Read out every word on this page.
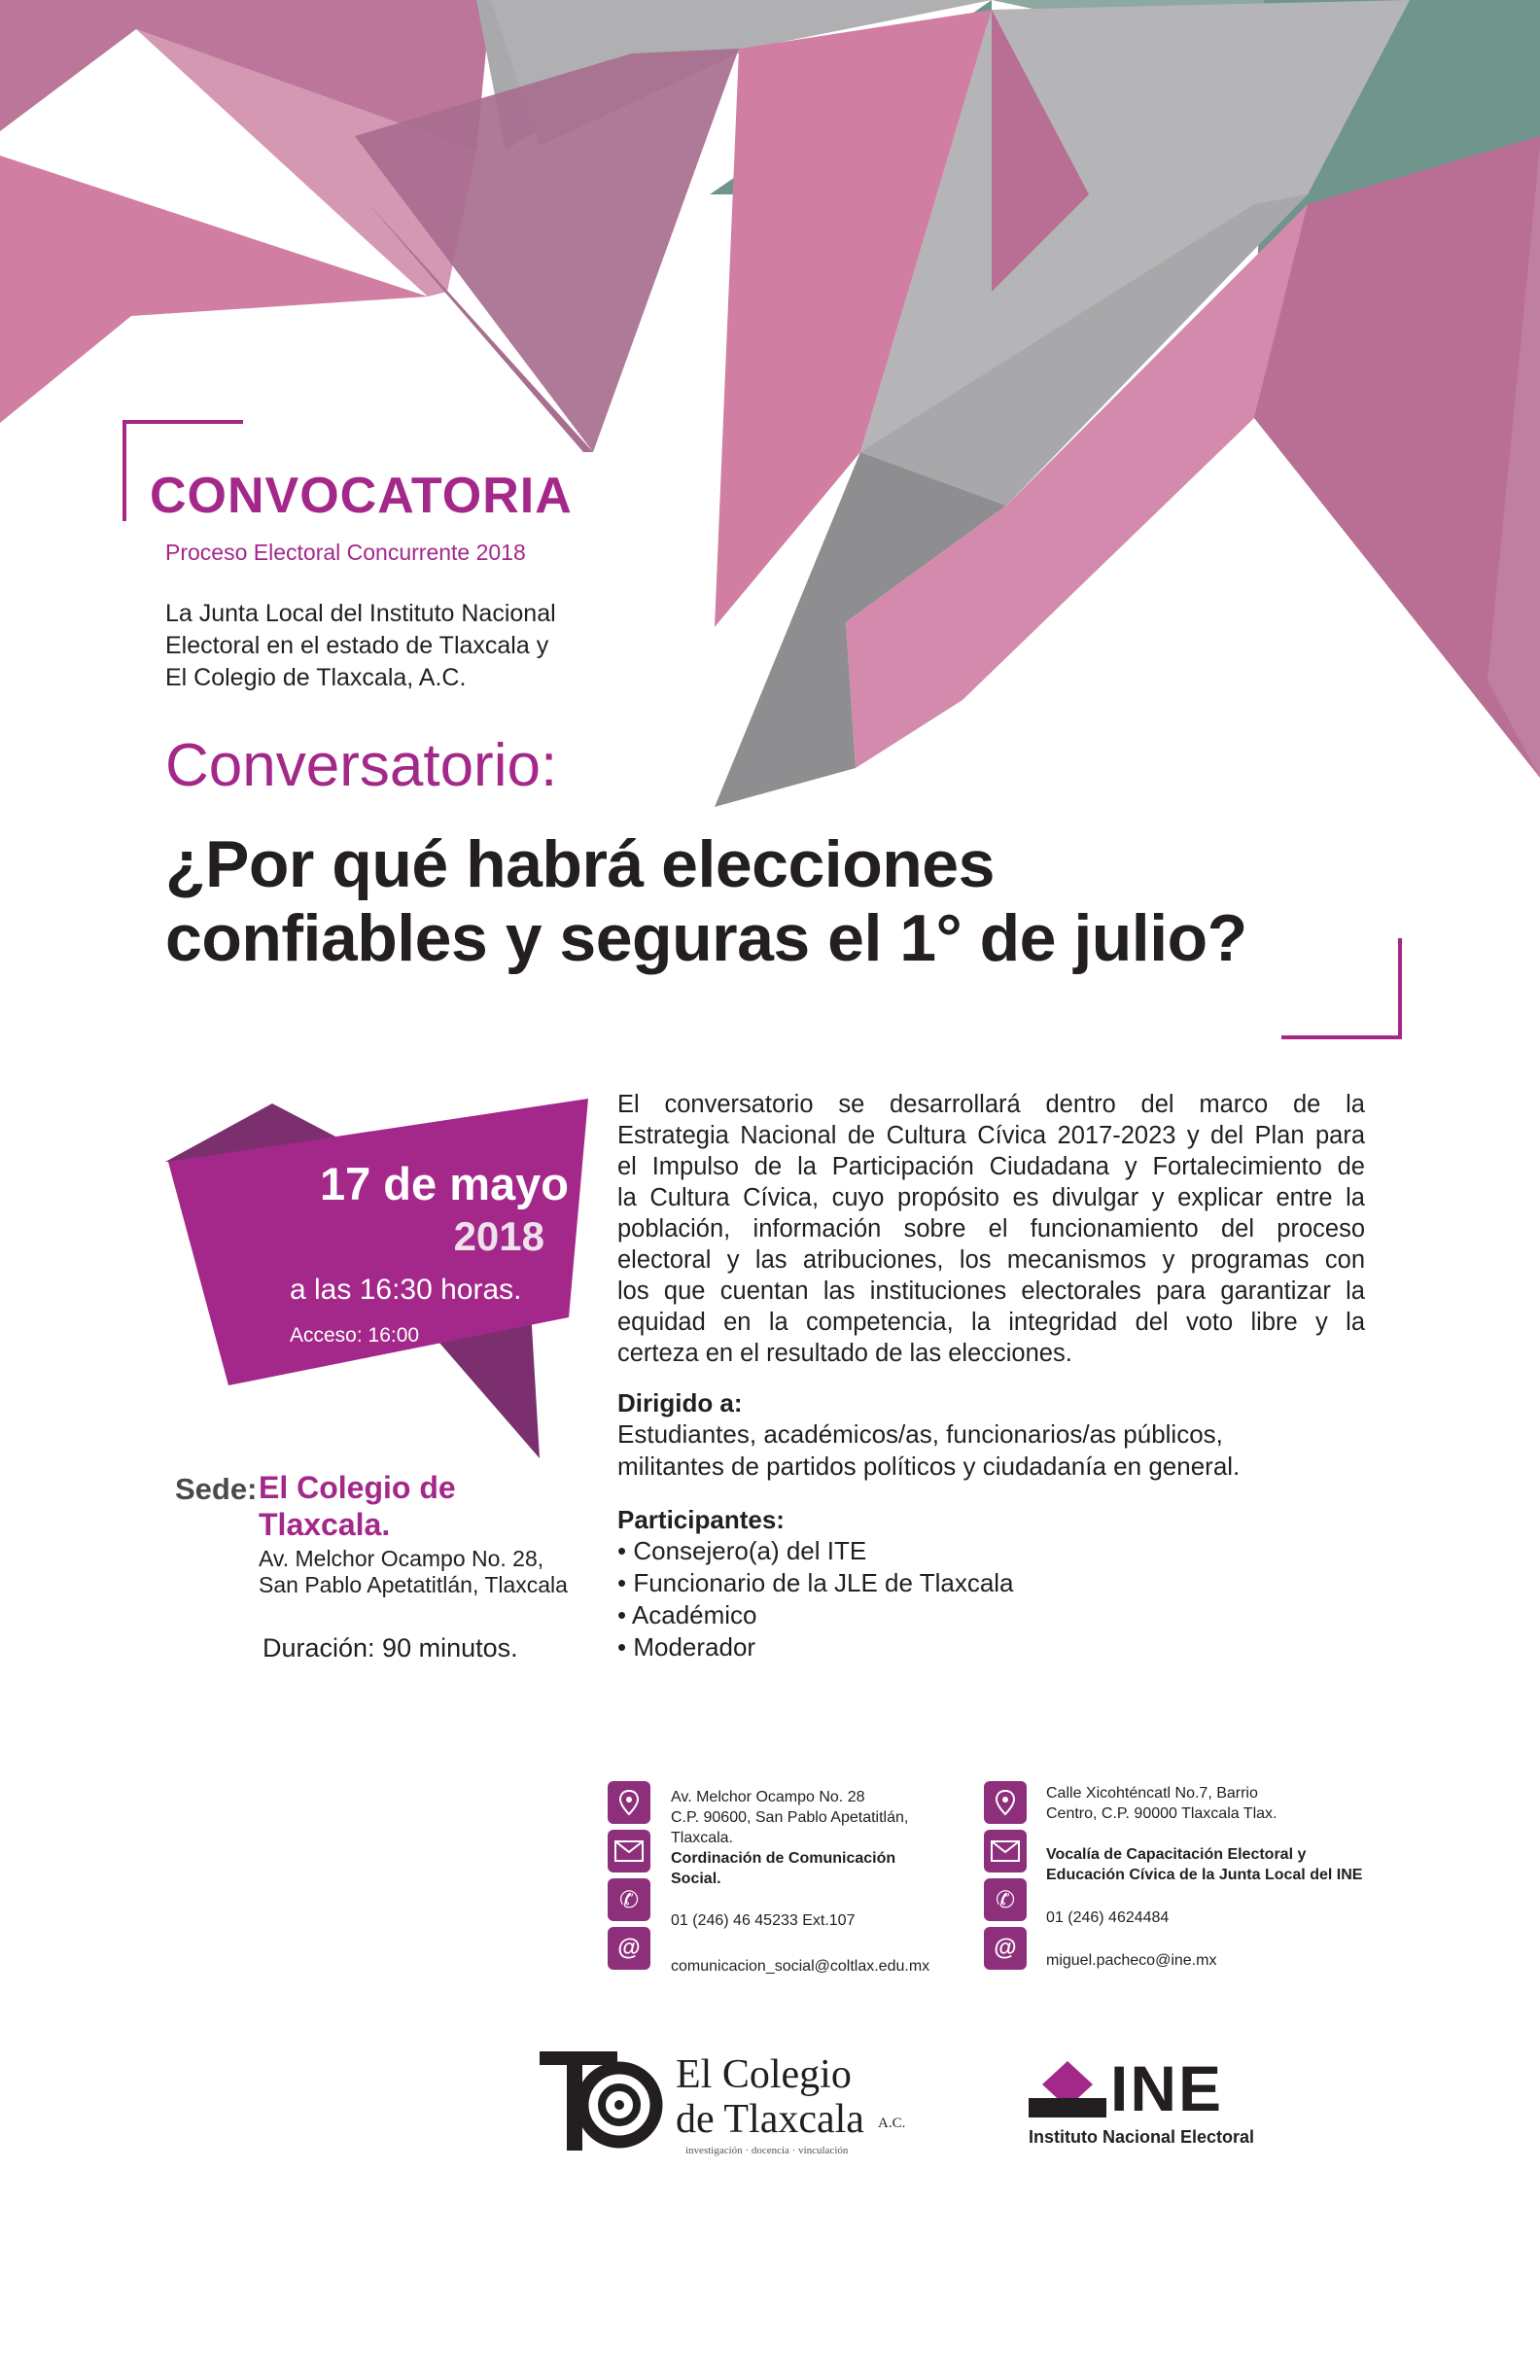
CONVOCATORIA
Proceso Electoral Concurrente 2018
La Junta Local del Instituto Nacional
Electoral en el estado de Tlaxcala y
El Colegio de Tlaxcala, A.C.
Conversatorio:
¿Por qué habrá elecciones
confiables y seguras el 1° de julio?
17 de mayo
2018
a las 16:30 horas.
Acceso: 16:00
Sede: El Colegio de
Tlaxcala.
Av. Melchor Ocampo No. 28,
San Pablo Apetatitlán, Tlaxcala
Duración: 90 minutos.
El conversatorio se desarrollará dentro del marco de la
Estrategia Nacional de Cultura Cívica 2017-2023 y del Plan para
el Impulso de la Participación Ciudadana y Fortalecimiento de
la Cultura Cívica, cuyo propósito es divulgar y explicar entre la
población, información sobre el funcionamiento del proceso
electoral y las atribuciones, los mecanismos y programas con
los que cuentan las instituciones electorales para garantizar la
equidad en la competencia, la integridad del voto libre y la
certeza en el resultado de las elecciones.
Dirigido a:
Estudiantes, académicos/as, funcionarios/as públicos,
militantes de partidos políticos y ciudadanía en general.
Participantes:
• Consejero(a) del ITE
• Funcionario de la JLE de Tlaxcala
• Académico
• Moderador
✆
@
Av. Melchor Ocampo No. 28
C.P. 90600, San Pablo Apetatitlán,
Tlaxcala.
Cordinación de Comunicación
Social.
01 (246) 46 45233 Ext.107
comunicacion_social@coltlax.edu.mx
✆
@
Calle Xicohténcatl No.7, Barrio
Centro, C.P. 90000 Tlaxcala Tlax.
Vocalía de Capacitación Electoral y
Educación Cívica de la Junta Local del INE
01 (246) 4624484
miguel.pacheco@ine.mx
El Colegio
de Tlaxcala A.C.
investigación · docencia · vinculación
INE
Instituto Nacional Electoral
